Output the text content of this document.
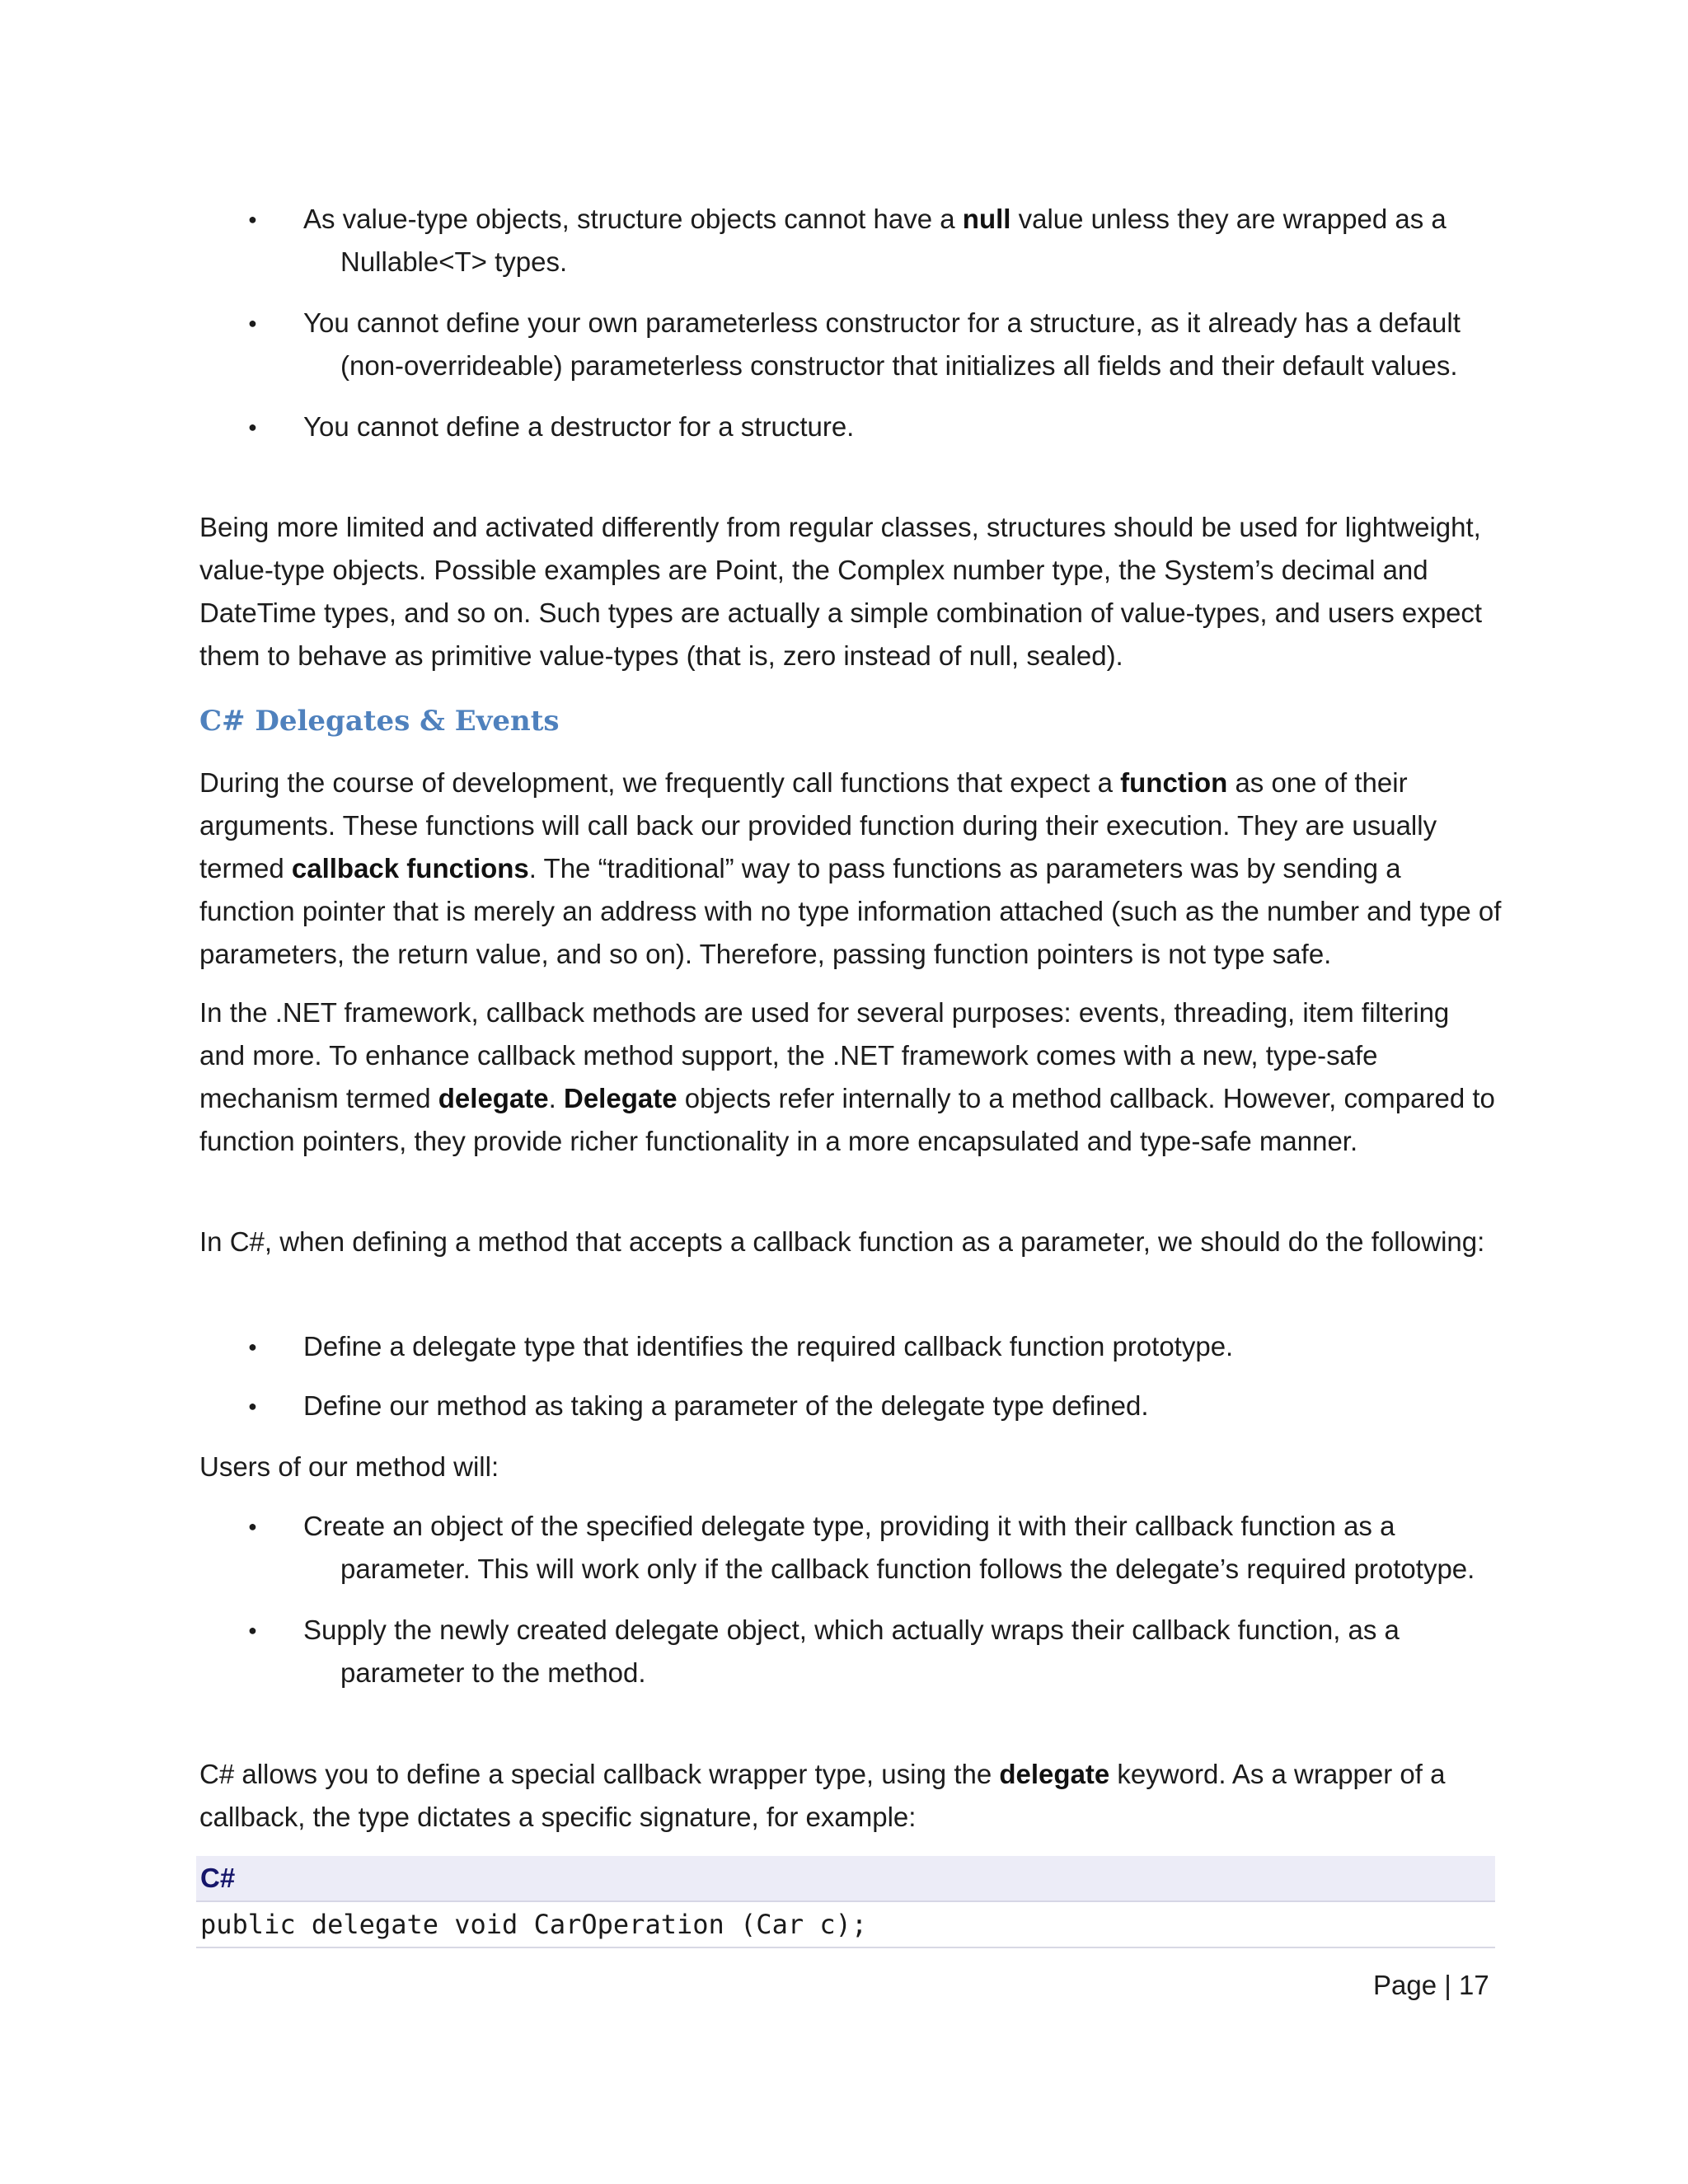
● As value-type objects, structure objects cannot have a null value unless they are wrapped as a Nullable<T> types.
● You cannot define your own parameterless constructor for a structure, as it already has a default (non-overrideable) parameterless constructor that initializes all fields and their default values.
● You cannot define a destructor for a structure.

Being more limited and activated differently from regular classes, structures should be used for lightweight, value-type objects. Possible examples are Point, the Complex number type, the System’s decimal and DateTime types, and so on. Such types are actually a simple combination of value-types, and users expect them to behave as primitive value-types (that is, zero instead of null, sealed).

C# Delegates & Events

During the course of development, we frequently call functions that expect a function as one of their arguments. These functions will call back our provided function during their execution. They are usually termed callback functions. The “traditional” way to pass functions as parameters was by sending a function pointer that is merely an address with no type information attached (such as the number and type of parameters, the return value, and so on). Therefore, passing function pointers is not type safe.

In the .NET framework, callback methods are used for several purposes: events, threading, item filtering and more. To enhance callback method support, the .NET framework comes with a new, type-safe mechanism termed delegate. Delegate objects refer internally to a method callback. However, compared to function pointers, they provide richer functionality in a more encapsulated and type-safe manner.

In C#, when defining a method that accepts a callback function as a parameter, we should do the following:

● Define a delegate type that identifies the required callback function prototype.
● Define our method as taking a parameter of the delegate type defined.

Users of our method will:

● Create an object of the specified delegate type, providing it with their callback function as a parameter. This will work only if the callback function follows the delegate’s required prototype.
● Supply the newly created delegate object, which actually wraps their callback function, as a parameter to the method.

C# allows you to define a special callback wrapper type, using the delegate keyword. As a wrapper of a callback, the type dictates a specific signature, for example:

C#
public delegate void CarOperation (Car c);
Page | 17
